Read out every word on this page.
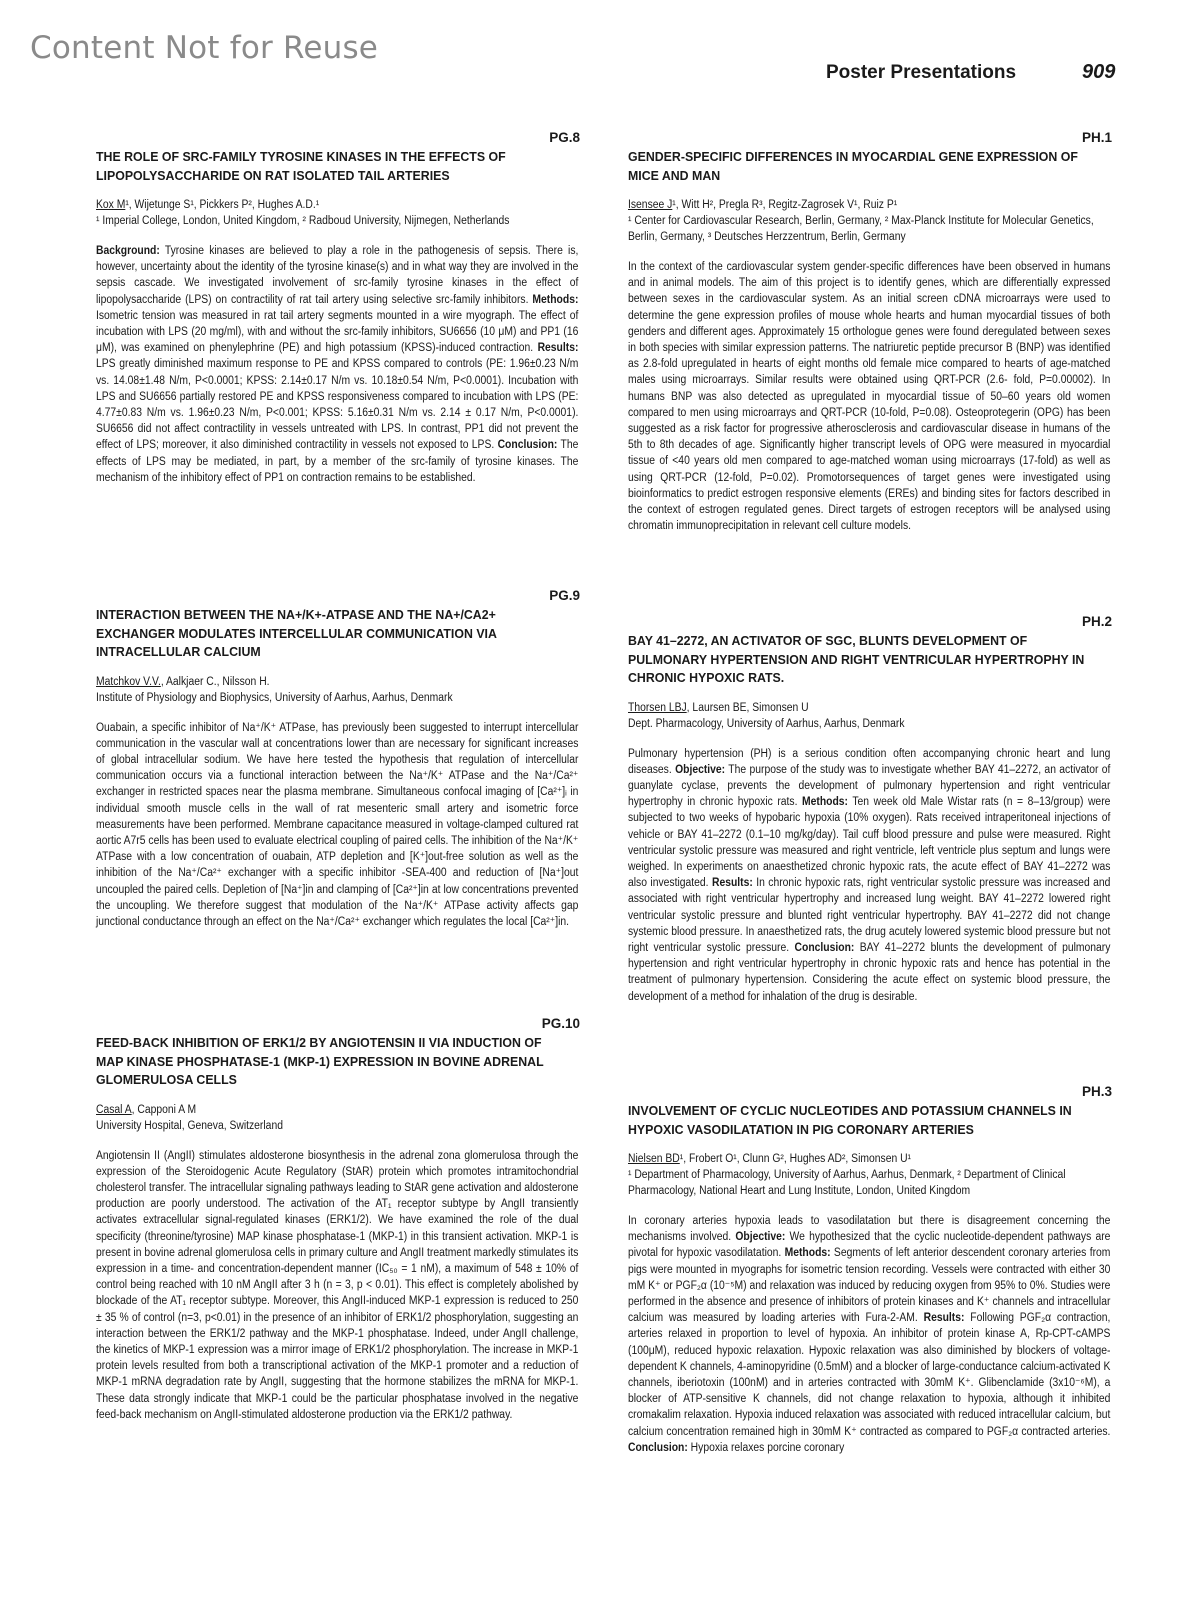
Content Not for Reuse
Poster Presentations	909
PG.8
THE ROLE OF SRC-FAMILY TYROSINE KINASES IN THE EFFECTS OF LIPOPOLYSACCHARIDE ON RAT ISOLATED TAIL ARTERIES
Kox M¹, Wijetunge S¹, Pickkers P², Hughes A.D.¹
¹ Imperial College, London, United Kingdom, ² Radboud University, Nijmegen, Netherlands

Background: Tyrosine kinases are believed to play a role in the pathogenesis of sepsis. There is, however, uncertainty about the identity of the tyrosine kinase(s) and in what way they are involved in the sepsis cascade. We investigated involvement of src-family tyrosine kinases in the effect of lipopolysaccharide (LPS) on contractility of rat tail artery using selective src-family inhibitors. Methods: Isometric tension was measured in rat tail artery segments mounted in a wire myograph. The effect of incubation with LPS (20 mg/ml), with and without the src-family inhibitors, SU6656 (10 μM) and PP1 (16 μM), was examined on phenylephrine (PE) and high potassium (KPSS)-induced contraction. Results: LPS greatly diminished maximum response to PE and KPSS compared to controls (PE: 1.96±0.23 N/m vs. 14.08±1.48 N/m, P<0.0001; KPSS: 2.14±0.17 N/m vs. 10.18±0.54 N/m, P<0.0001). Incubation with LPS and SU6656 partially restored PE and KPSS responsiveness compared to incubation with LPS (PE: 4.77±0.83 N/m vs. 1.96±0.23 N/m, P<0.001; KPSS: 5.16±0.31 N/m vs. 2.14 ± 0.17 N/m, P<0.0001). SU6656 did not affect contractility in vessels untreated with LPS. In contrast, PP1 did not prevent the effect of LPS; moreover, it also diminished contractility in vessels not exposed to LPS. Conclusion: The effects of LPS may be mediated, in part, by a member of the src-family of tyrosine kinases. The mechanism of the inhibitory effect of PP1 on contraction remains to be established.

PG.9
INTERACTION BETWEEN THE NA+/K+-ATPASE AND THE NA+/CA2+ EXCHANGER MODULATES INTERCELLULAR COMMUNICATION VIA INTRACELLULAR CALCIUM
Matchkov V.V., Aalkjaer C., Nilsson H.
Institute of Physiology and Biophysics, University of Aarhus, Aarhus, Denmark

Ouabain, a specific inhibitor of Na⁺/K⁺ ATPase, has previously been suggested to interrupt intercellular communication in the vascular wall at concentrations lower than are necessary for significant increases of global intracellular sodium. We have here tested the hypothesis that regulation of intercellular communication occurs via a functional interaction between the Na⁺/K⁺ ATPase and the Na⁺/Ca²⁺ exchanger in restricted spaces near the plasma membrane. Simultaneous confocal imaging of [Ca²⁺]ᵢ in individual smooth muscle cells in the wall of rat mesenteric small artery and isometric force measurements have been performed. Membrane capacitance measured in voltage-clamped cultured rat aortic A7r5 cells has been used to evaluate electrical coupling of paired cells. The inhibition of the Na⁺/K⁺ ATPase with a low concentration of ouabain, ATP depletion and [K⁺]out-free solution as well as the inhibition of the Na⁺/Ca²⁺ exchanger with a specific inhibitor -SEA-400 and reduction of [Na⁺]out uncoupled the paired cells. Depletion of [Na⁺]in and clamping of [Ca²⁺]in at low concentrations prevented the uncoupling. We therefore suggest that modulation of the Na⁺/K⁺ ATPase activity affects gap junctional conductance through an effect on the Na⁺/Ca²⁺ exchanger which regulates the local [Ca²⁺]in.

PG.10
FEED-BACK INHIBITION OF ERK1/2 BY ANGIOTENSIN II VIA INDUCTION OF MAP KINASE PHOSPHATASE-1 (MKP-1) EXPRESSION IN BOVINE ADRENAL GLOMERULOSA CELLS
Casal A, Capponi A M
University Hospital, Geneva, Switzerland

Angiotensin II (AngII) stimulates aldosterone biosynthesis in the adrenal zona glomerulosa through the expression of the Steroidogenic Acute Regulatory (StAR) protein which promotes intramitochondrial cholesterol transfer. The intracellular signaling pathways leading to StAR gene activation and aldosterone production are poorly understood. The activation of the AT₁ receptor subtype by AngII transiently activates extracellular signal-regulated kinases (ERK1/2). We have examined the role of the dual specificity (threonine/tyrosine) MAP kinase phosphatase-1 (MKP-1) in this transient activation. MKP-1 is present in bovine adrenal glomerulosa cells in primary culture and AngII treatment markedly stimulates its expression in a time- and concentration-dependent manner (IC₅₀ = 1 nM), a maximum of 548 ± 10% of control being reached with 10 nM AngII after 3 h (n = 3, p < 0.01). This effect is completely abolished by blockade of the AT₁ receptor subtype. Moreover, this AngII-induced MKP-1 expression is reduced to 250 ± 35 % of control (n=3, p<0.01) in the presence of an inhibitor of ERK1/2 phosphorylation, suggesting an interaction between the ERK1/2 pathway and the MKP-1 phosphatase. Indeed, under AngII challenge, the kinetics of MKP-1 expression was a mirror image of ERK1/2 phosphorylation. The increase in MKP-1 protein levels resulted from both a transcriptional activation of the MKP-1 promoter and a reduction of MKP-1 mRNA degradation rate by AngII, suggesting that the hormone stabilizes the mRNA for MKP-1. These data strongly indicate that MKP-1 could be the particular phosphatase involved in the negative feed-back mechanism on AngII-stimulated aldosterone production via the ERK1/2 pathway.

PH.1
GENDER-SPECIFIC DIFFERENCES IN MYOCARDIAL GENE EXPRESSION OF MICE AND MAN
Isensee J¹, Witt H², Pregla R³, Regitz-Zagrosek V¹, Ruiz P¹
¹ Center for Cardiovascular Research, Berlin, Germany, ² Max-Planck Institute for Molecular Genetics, Berlin, Germany, ³ Deutsches Herzzentrum, Berlin, Germany

In the context of the cardiovascular system gender-specific differences have been observed in humans and in animal models. The aim of this project is to identify genes, which are differentially expressed between sexes in the cardiovascular system. As an initial screen cDNA microarrays were used to determine the gene expression profiles of mouse whole hearts and human myocardial tissues of both genders and different ages. Approximately 15 orthologue genes were found deregulated between sexes in both species with similar expression patterns. The natriuretic peptide precursor B (BNP) was identified as 2.8-fold upregulated in hearts of eight months old female mice compared to hearts of age-matched males using microarrays. Similar results were obtained using QRT-PCR (2.6- fold, P=0.00002). In humans BNP was also detected as upregulated in myocardial tissue of 50–60 years old women compared to men using microarrays and QRT-PCR (10-fold, P=0.08). Osteoprotegerin (OPG) has been suggested as a risk factor for progressive atherosclerosis and cardiovascular disease in humans of the 5th to 8th decades of age. Significantly higher transcript levels of OPG were measured in myocardial tissue of <40 years old men compared to age-matched woman using microarrays (17-fold) as well as using QRT-PCR (12-fold, P=0.02). Promotorsequences of target genes were investigated using bioinformatics to predict estrogen responsive elements (EREs) and binding sites for factors described in the context of estrogen regulated genes. Direct targets of estrogen receptors will be analysed using chromatin immunoprecipitation in relevant cell culture models.

PH.2
BAY 41–2272, AN ACTIVATOR OF SGC, BLUNTS DEVELOPMENT OF PULMONARY HYPERTENSION AND RIGHT VENTRICULAR HYPERTROPHY IN CHRONIC HYPOXIC RATS.
Thorsen LBJ, Laursen BE, Simonsen U
Dept. Pharmacology, University of Aarhus, Aarhus, Denmark

Pulmonary hypertension (PH) is a serious condition often accompanying chronic heart and lung diseases. Objective: The purpose of the study was to investigate whether BAY 41–2272, an activator of guanylate cyclase, prevents the development of pulmonary hypertension and right ventricular hypertrophy in chronic hypoxic rats. Methods: Ten week old Male Wistar rats (n = 8–13/group) were subjected to two weeks of hypobaric hypoxia (10% oxygen). Rats received intraperitoneal injections of vehicle or BAY 41–2272 (0.1–10 mg/kg/day). Tail cuff blood pressure and pulse were measured. Right ventricular systolic pressure was measured and right ventricle, left ventricle plus septum and lungs were weighed. In experiments on anaesthetized chronic hypoxic rats, the acute effect of BAY 41–2272 was also investigated. Results: In chronic hypoxic rats, right ventricular systolic pressure was increased and associated with right ventricular hypertrophy and increased lung weight. BAY 41–2272 lowered right ventricular systolic pressure and blunted right ventricular hypertrophy. BAY 41–2272 did not change systemic blood pressure. In anaesthetized rats, the drug acutely lowered systemic blood pressure but not right ventricular systolic pressure. Conclusion: BAY 41–2272 blunts the development of pulmonary hypertension and right ventricular hypertrophy in chronic hypoxic rats and hence has potential in the treatment of pulmonary hypertension. Considering the acute effect on systemic blood pressure, the development of a method for inhalation of the drug is desirable.

PH.3
INVOLVEMENT OF CYCLIC NUCLEOTIDES AND POTASSIUM CHANNELS IN HYPOXIC VASODILATATION IN PIG CORONARY ARTERIES
Nielsen BD¹, Frobert O¹, Clunn G², Hughes AD², Simonsen U¹
¹ Department of Pharmacology, University of Aarhus, Aarhus, Denmark, ² Department of Clinical Pharmacology, National Heart and Lung Institute, London, United Kingdom

In coronary arteries hypoxia leads to vasodilatation but there is disagreement concerning the mechanisms involved. Objective: We hypothesized that the cyclic nucleotide-dependent pathways are pivotal for hypoxic vasodilatation. Methods: Segments of left anterior descendent coronary arteries from pigs were mounted in myographs for isometric tension recording. Vessels were contracted with either 30 mM K⁺ or PGF₂α (10⁻⁵M) and relaxation was induced by reducing oxygen from 95% to 0%. Studies were performed in the absence and presence of inhibitors of protein kinases and K⁺ channels and intracellular calcium was measured by loading arteries with Fura-2-AM. Results: Following PGF₂α contraction, arteries relaxed in proportion to level of hypoxia. An inhibitor of protein kinase A, Rp-CPT-cAMPS (100μM), reduced hypoxic relaxation. Hypoxic relaxation was also diminished by blockers of voltage-dependent K channels, 4-aminopyridine (0.5mM) and a blocker of large-conductance calcium-activated K channels, iberiotoxin (100nM) and in arteries contracted with 30mM K⁺. Glibenclamide (3x10⁻⁶M), a blocker of ATP-sensitive K channels, did not change relaxation to hypoxia, although it inhibited cromakalim relaxation. Hypoxia induced relaxation was associated with reduced intracellular calcium, but calcium concentration remained high in 30mM K⁺ contracted as compared to PGF₂α contracted arteries. Conclusion: Hypoxia relaxes porcine coronary
